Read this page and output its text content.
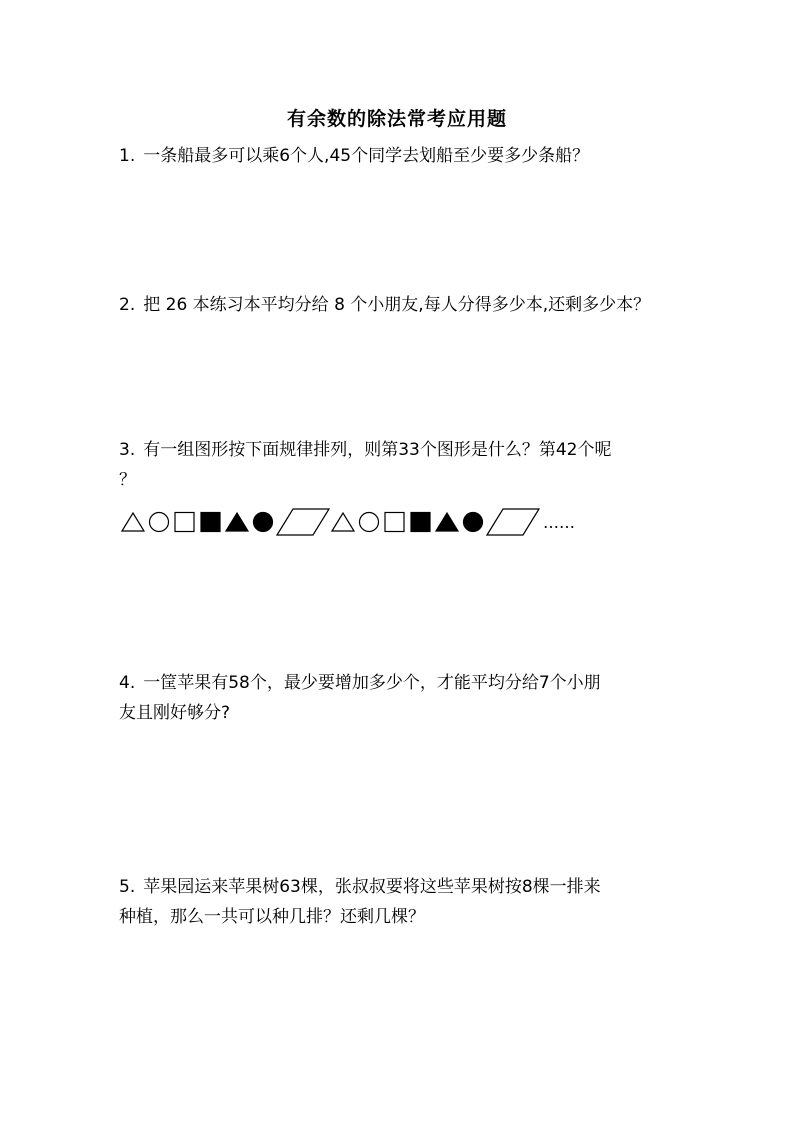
有余数的除法常考应用题
1. 一条船最多可以乘6个人,45个同学去划船至少要多少条船？
2. 把 26 本练习本平均分给 8 个小朋友,每人分得多少本,还剩多少本？
3. 有一组图形按下面规律排列，则第33个图形是什么？第42个呢
？
……
4. 一筐苹果有58个，最少要增加多少个，才能平均分给7个小朋
友且刚好够分?
5. 苹果园运来苹果树63棵，张叔叔要将这些苹果树按8棵一排来
种植，那么一共可以种几排？还剩几棵？
